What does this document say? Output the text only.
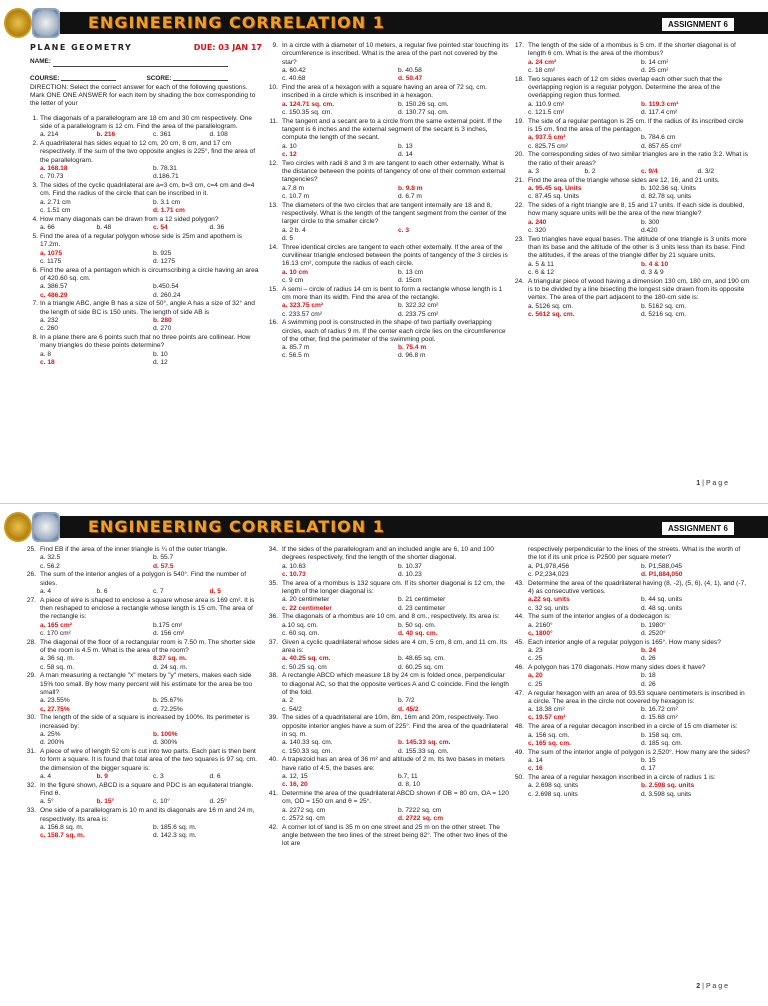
ENGINEERING CORRELATION 1	ASSIGNMENT 6
PLANE GEOMETRY	DUE: 03 JAN 17
NAME:
COURSE:	SCORE:
DIRECTION: Select the correct answer for each of the following questions. Mark ONE ONE ANSWER for each item by shading the box corresponding to the letter of your
1. The diagonals of a parallelogram are 18 cm and 30 cm respectively. One side of a parallelogram is 12 cm. Find the area of the parallelogram.
a. 214	b. 216	c. 361	d. 108
2. A quadrilateral has sides equal to 12 cm, 20 cm, 8 cm, and 17 cm respectively. If the sum of the two opposite angles is 225°, find the area of the parallelogram.
a. 168.18	b. 78.31
c. 70.73	d.186.71
3. The sides of the cyclic quadrilateral are a=3 cm, b=3 cm, c=4 cm and d=4 cm. Find the radius of the circle that can be inscribed in it.
a. 2.71 cm	b. 3.1 cm
c. 1.51 cm	d. 1.71 cm
4. How many diagonals can be drawn from a 12 sided polygon?
a. 66	b. 48	c. 54	d. 36
5. Find the area of a regular polygon whose side is 25m and apothem is 17.2m.
a. 1075	b. 925
c. 1175	d. 1275
6. Find the area of a pentagon which is circumscribing a circle having an area of 420.60 sq. cm.
a. 386.57	b.450.54
c. 486.29	d. 260.24
7. In a triangle ABC, angle B has a size of 50°, angle A has a size of 32° and the length of side BC is 150 units. The length of side AB is
a. 232	b. 280
c. 260	d. 270
8. In a plane there are 6 points such that no three points are collinear. How many triangles do these points determine?
a. 8	b. 10
c. 18	d. 12
9. In a circle with a diameter of 10 meters, a regular five pointed star touching its circumference is inscribed. What is the area of the part not covered by the star?
a. 60.42	b. 40.58
c. 40.68	d. 50.47
10. Find the area of a hexagon with a square having an area of 72 sq. cm. inscribed in a circle which is inscribed in a hexagon.
a. 124.71 sq. cm.	b. 150.26 sq. cm.
c. 150.35 sq. cm.	d. 130.77 sq. cm.
11. The tangent and a secant are to a circle from the same external point. If the tangent is 6 inches and the external segment of the secant is 3 inches, compute the length of the secant.
a. 10	b. 13
c. 12	d. 14
12. Two circles with radii 8 and 3 m are tangent to each other externally. What is the distance between the points of tangency of one of their common external tangencies?
a.7.8 m	b. 9.8 m
c. 10.7 m	d. 6.7 m
13. The diameters of the two circles that are tangent internally are 18 and 8, respectively. What is the length of the tangent segment from the center of the larger circle to the smaller circle?
a. 2 b. 4	c. 3
d. 5
14. Three identical circles are tangent to each other externally. If the area of the curvilinear triangle enclosed between the points of tangency of the 3 circles is 16.13 cm², compute the radius of each circle.
a. 10 cm	b. 13 cm
c. 9 cm	d. 15cm
15. A semi – circle of radius 14 cm is bent to form a rectangle whose length is 1 cm more than its width. Find the area of the rectangle.
a. 323.75 cm²	b. 322.32 cm²
c. 233.57 cm²	d. 233.75 cm²
16. A swimming pool is constructed in the shape of two partially overlapping circles, each of radius 9 m. If the center each circle lies on the circumference of the other, find the perimeter of the swimming pool.
a. 85.7 m	b. 75.4 m
c. 56.5 m	d. 96.8 m
17. The length of the side of a rhombus is 5 cm. If the shorter diagonal is of length 6 cm. What is the area of the rhombus?
a. 24 cm²	b. 14 cm²
c. 18 cm²	d. 25 cm²
18. Two squares each of 12 cm sides overlap each other such that the overlapping region is a regular polygon. Determine the area of the overlapping region thus formed.
a. 110.9 cm²	b. 119.3 cm²
c. 121.5 cm²	d. 117.4 cm²
19. The side of a regular pentagon is 25 cm. If the radius of its inscribed circle is 15 cm, find the area of the pentagon.
a. 937.5 cm²	b. 784.6 cm
c. 825.75 cm²	d. 857.65 cm²
20. The corresponding sides of two similar triangles are in the ratio 3:2. What is the ratio of their areas?
a. 3	b. 2	c. 9/4	d. 3/2
21. Find the area of the triangle whose sides are 12, 16, and 21 units.
a. 95.45 sq. Units	b. 102.36 sq. Units
c. 87.45 sq. Units	d. 82.78 sq. units
22. The sides of a right triangle are 8, 15 and 17 units. If each side is doubled, how many square units will be the area of the new triangle?
a. 240	b. 300
c. 320	d.420
23. Two triangles have equal bases. The altitude of one triangle is 3 units more than its base and the altitude of the other is 3 units less than its base. Find the altitudes, if the areas of the triangle differ by 21 square units.
a. 5 & 11	b. 4 & 10
c. 6 & 12	d. 3 & 9
24. A triangular piece of wood having a dimension 130 cm, 180 cm, and 190 cm is to be divided by a line bisecting the longest side drawn from its opposite vertex. The area of the part adjacent to the 180-cm side is:
a. 5126 sq. cm.	b. 5162 sq. cm.
c. 5612 sq. cm.	d. 5216 sq. cm.
1 | P a g e
ENGINEERING CORRELATION 1	ASSIGNMENT 6
25. Find EB if the area of the inner triangle is ¼ of the outer triangle.
a. 32.5	b. 55.7
c. 56.2	d. 57.5
26. The sum of the interior angles of a polygon is 540°. Find the number of sides.
a. 4	b. 6	c. 7	d. 5
27. A piece of wire is shaped to enclose a square whose area is 169 cm². It is then reshaped to enclose a rectangle whose length is 15 cm. The area of the rectangle is:
a. 165 cm²	b.175 cm²
c. 170 cm²	d. 156 cm²
28. The diagonal of the floor of a rectangular room is 7.50 m. The shorter side of the room is 4.5 m. What is the area of the room?
a. 36 sq. m.	8.27 sq. m.
c. 58 sq. m.	d. 24 sq. m.
29. A man measuring a rectangle "x" meters by "y" meters, makes each side 15% too small. By how many percent will his estimate for the area be too small?
a. 23.55%	b. 25.67%
c. 27.75%	d. 72.25%
30. The length of the side of a square is increased by 100%. Its perimeter is increased by:
a. 25%	b. 100%
d. 200%	d. 300%
31. A piece of wire of length 52 cm is cut into two parts. Each part is then bent to form a square. It is found that total area of the two squares is 97 sq. cm. the dimension of the bigger square is:
a. 4	b. 9	c. 3	d. 6
32. In the figure shown, ABCD is a square and PDC is an equilateral triangle. Find θ.
a. 5°	b. 15°	c. 10°	d. 25°
33. One side of a parallelogram is 10 m and its diagonals are 16 m and 24 m, respectively. Its area is:
a. 156.8 sq. m.	b. 185.6 sq. m.
c. 158.7 sq. m.	d. 142.3 sq. m.
34. If the sides of the parallelogram and an included angle are 6, 10 and 100 degrees respectively, find the length of the shorter diagonal.
a. 10.63	b. 10.37
c. 10.73	d. 10.23
35. The area of a rhombus is 132 square cm. If its shorter diagonal is 12 cm, the length of the longer diagonal is:
a. 20 centimeter	b. 21 centimeter
c. 22 centimeter	d. 23 centimeter
36. The diagonals of a rhombus are 10 cm. and 8 cm., respectively. Its area is:
a.10 sq. cm.	b. 50 sq. cm.
c. 60 sq. cm.	d. 40 sq. cm.
37. Given a cyclic quadrilateral whose sides are 4 cm, 5 cm, 8 cm, and 11 cm. Its area is:
a. 40.25 sq. cm.	b. 48.65 sq. cm.
c. 50.25 sq. cm	d. 60.25 sq. cm
38. A rectangle ABCD which measure 18 by 24 cm is folded once, perpendicular to diagonal AC, so that the opposite vertices A and C coincide. Find the length of the fold.
a. 2	b. 7/2
c. 54/2	d. 45/2
39. The sides of a quadrilateral are 10m, 8m, 16m and 20m, respectively. Two opposite interior angles have a sum of 225°. Find the area of the quadrilateral in sq. m.
a. 140.33 sq. cm.	b. 145.33 sq. cm.
c. 150.33 sq. cm.	d. 155.33 sq. cm.
40. A trapezoid has an area of 36 m² and altitude of 2 m. Its two bases in meters have ratio of 4:5, the bases are:
a. 12, 15	b.7, 11
c. 16, 20	d. 8, 10
41. Determine the area of the quadrilateral ABCD shown if OB = 80 cm, OA = 120 cm, OD = 150 cm and θ = 25°.
a. 2272 sq. cm	b. 7222 sq. cm
c. 2572 sq. cm	d. 2722 sq. cm
42. A corner lot of land is 35 m on one street and 25 m on the other street. The angle between the two lines of the street being 82°. The other two lines of the lot are
respectively perpendicular to the lines of the streets. What is the worth of the lot if its unit price is P2500 per square meter?
a. P1,978,456	b. P1,588,045
c. P2,234,023	d. P1,884,050
43. Determine the area of the quadrilateral having (8, -2), (5, 6), (4, 1), and (-7, 4) as consecutive vertices.
a.22 sq. units	b. 44 sq. units
c. 32 sq. units	d. 48 sq. units
44. The sum of the interior angles of a dodecagon is:
a. 2160°	b. 1980°
c. 1800°	d. 2520°
45. Each interior angle of a regular polygon is 165°. How many sides?
a. 23	b. 24
c. 25	d. 26
46. A polygon has 170 diagonals. How many sides does it have?
a. 20	b. 18
c. 25	d. 26
47. A regular hexagon with an area of 93.53 square centimeters is inscribed in a circle. The area in the circle not covered by hexagon is:
a. 18.38 cm²	b. 16.72 cm²
c. 19.57 cm²	d. 15.68 cm²
48. The area of a regular decagon inscribed in a circle of 15 cm diameter is:
a. 156 sq. cm.	b. 158 sq. cm.
c. 165 sq. cm.	d. 185 sq. cm.
49. The sum of the interior angle of polygon is 2,520°. How many are the sides?
a. 14	b. 15
c. 16	d. 17
50. The area of a regular hexagon inscribed in a circle of radius 1 is:
a. 2.698 sq. units	b. 2.598 sq. units
c. 2.698 sq. units	d. 3.598 sq. units
2 | P a g e
